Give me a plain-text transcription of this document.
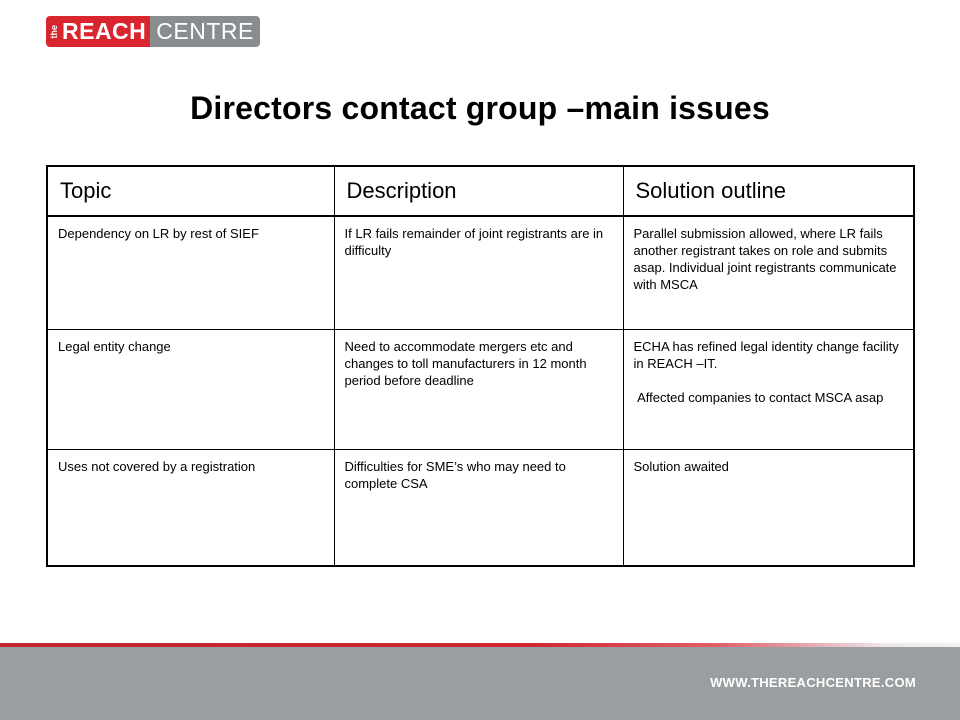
the REACH CENTRE
Directors contact group –main issues
Topic	Description	Solution outline
Dependency on LR by rest of SIEF	If LR fails remainder of joint registrants are in difficulty	Parallel submission allowed, where LR fails another registrant takes on role and submits asap. Individual joint registrants communicate with MSCA
Legal entity change	Need to accommodate mergers etc and changes to toll manufacturers in 12 month period before deadline	ECHA has refined legal identity change facility in REACH –IT.
Affected companies to contact MSCA asap
Uses not covered by a registration	Difficulties for SME’s who may need to complete CSA	Solution awaited
WWW.THEREACHCENTRE.COM
